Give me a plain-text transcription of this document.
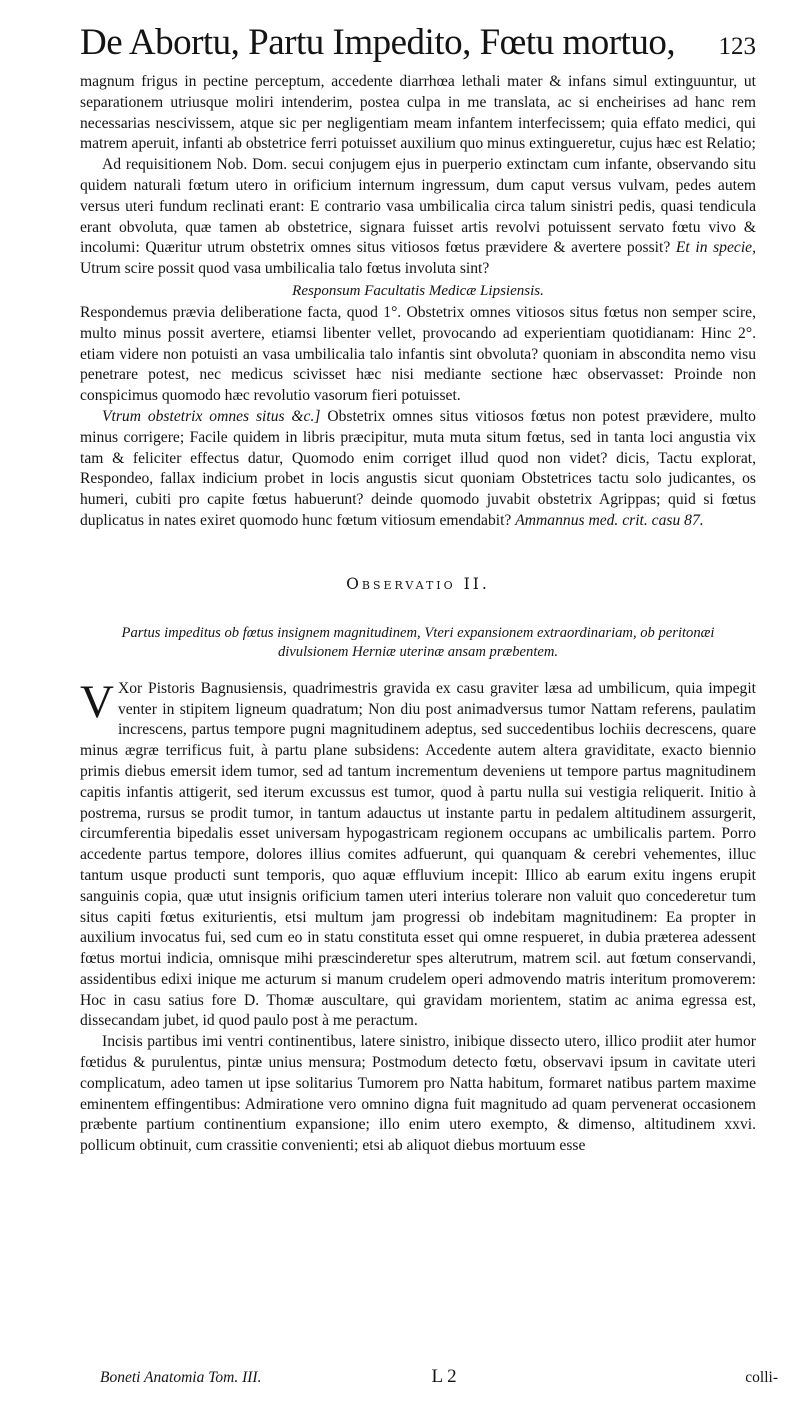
De Abortu, Partu Impedito, Fœtu mortuo, 123

magnum frigus in pectine perceptum, accedente diarrhœa lethali mater & infans simul extinguuntur, ut separationem utriusque moliri intenderim, postea culpa in me translata, ac si encheirises ad hanc rem necessarias nescivissem, atque sic per negligentiam meam infantem interfecissem; quia effato medici, qui matrem aperuit, infanti ab obstetrice ferri potuisset auxilium quo minus extingueretur, cujus hæc est Relatio;

Ad requisitionem Nob. Dom. secui conjugem ejus in puerperio extinctam cum infante, observando situ quidem naturali fœtum utero in orificium internum ingressum, dum caput versus vulvam, pedes autem versus uteri fundum reclinati erant: E contrario vasa umbilicalia circa talum sinistri pedis, quasi tendicula erant obvoluta, quæ tamen ab obstetrice, signara fuisset artis revolvi potuissent servato fœtu vivo & incolumi: Quæritur utrum obstetrix omnes situs vitiosos fœtus prævidere & avertere possit? Et in specie, Utrum scire possit quod vasa umbilicalia talo fœtus involuta sint?

Responsum Facultatis Medicæ Lipsiensis.

Respondemus prævia deliberatione facta, quod 1°. Obstetrix omnes vitiosos situs fœtus non semper scire, multo minus possit avertere, etiamsi libenter vellet, provocando ad experientiam quotidianam: Hinc 2°. etiam videre non potuisti an vasa umbilicalia talo infantis sint obvoluta? quoniam in abscondita nemo visu penetrare potest, nec medicus scivisset hæc nisi mediante sectione hæc observasset: Proinde non conspicimus quomodo hæc revolutio vasorum fieri potuisset.

Vtrum obstetrix omnes situs &c.] Obstetrix omnes situs vitiosos fœtus non potest prævidere, multo minus corrigere; Facile quidem in libris præcipitur, muta muta situm fœtus, sed in tanta loci angustia vix tam & feliciter effectus datur, Quomodo enim corriget illud quod non videt? dicis, Tactu explorat, Respondeo, fallax indicium probet in locis angustis sicut quoniam Obstetrices tactu solo judicantes, os humeri, cubiti pro capite fœtus habuerunt? deinde quomodo juvabit obstetrix Agrippas; quid si fœtus duplicatus in nates exiret quomodo hunc fœtum vitiosum emendabit? Ammannus med. crit. casu 87.

Observatio II.

Partus impeditus ob fœtus insignem magnitudinem, Vteri expansionem extraordinariam, ob peritonæi divulsionem Herniæ uterinæ ansam præbentem.

V Xor Pistoris Bagnusiensis, quadrimestris gravida ex casu graviter læsa ad umbilicum, quia impegit venter in stipitem ligneum quadratum; Non diu post animadversus tumor Nattam referens, paulatim increscens, partus tempore pugni magnitudinem adeptus, sed succedentibus lochiis decrescens, quare minus ægræ terrificus fuit, à partu plane subsidens: Accedente autem altera graviditate, exacto biennio primis diebus emersit idem tumor, sed ad tantum incrementum deveniens ut tempore partus magnitudinem capitis infantis attigerit, sed iterum excussus est tumor, quod à partu nulla sui vestigia reliquerit. Initio à postrema, rursus se prodit tumor, in tantum adauctus ut instante partu in pedalem altitudinem assurgerit, circumferentia bipedalis esset universam hypogastricam regionem occupans ac umbilicalis partem. Porro accedente partus tempore, dolores illius comites adfuerunt, qui quanquam & cerebri vehementes, illuc tantum usque producti sunt temporis, quo aquæ effluvium incepit: Illico ab earum exitu ingens erupit sanguinis copia, quæ utut insignis orificium tamen uteri interius tolerare non valuit quo concederetur tum situs capiti fœtus exiturientis, etsi multum jam progressi ob indebitam magnitudinem: Ea propter in auxilium invocatus fui, sed cum eo in statu constituta esset qui omne respueret, in dubia præterea adessent fœtus mortui indicia, omnisque mihi præscinderetur spes alterutrum, matrem scil. aut fœtum conservandi, assidentibus edixi inique me acturum si manum crudelem operi admovendo matris interitum promoverem: Hoc in casu satius fore D. Thomæ auscultare, qui gravidam morientem, statim ac anima egressa est, dissecandam jubet, id quod paulo post à me peractum.

Incisis partibus imi ventri continentibus, latere sinistro, inibique dissecto utero, illico prodiit ater humor fœtidus & purulentus, pintæ unius mensura; Postmodum detecto fœtu, observavi ipsum in cavitate uteri complicatum, adeo tamen ut ipse solitarius Tumorem pro Natta habitum, formaret natibus partem maxime eminentem effingentibus: Admiratione vero omnino digna fuit magnitudo ad quam pervenerat occasionem præbente partium continentium expansione; illo enim utero exempto, & dimenso, altitudinem xxvi. pollicum obtinuit, cum crassitie convenienti; etsi ab aliquot diebus mortuum esse

Boneti Anatomia Tom. III.	L 2	colli-
